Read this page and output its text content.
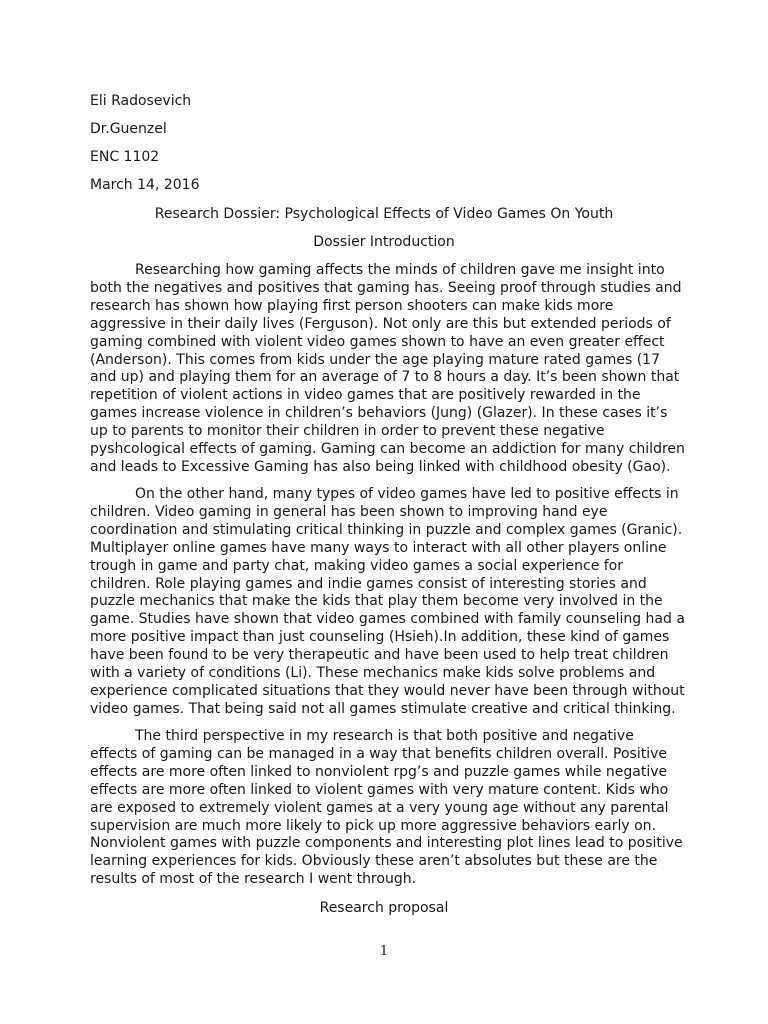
Eli Radosevich
Dr.Guenzel
ENC 1102
March 14, 2016
Research Dossier: Psychological Effects of Video Games On Youth
Dossier Introduction
Researching how gaming affects the minds of children gave me insight into
both the negatives and positives that gaming has. Seeing proof through studies and
research has shown how playing first person shooters can make kids more
aggressive in their daily lives (Ferguson). Not only are this but extended periods of
gaming combined with violent video games shown to have an even greater effect
(Anderson). This comes from kids under the age playing mature rated games (17
and up) and playing them for an average of 7 to 8 hours a day. It’s been shown that
repetition of violent actions in video games that are positively rewarded in the
games increase violence in children’s behaviors (Jung) (Glazer). In these cases it’s
up to parents to monitor their children in order to prevent these negative
pyshcological effects of gaming. Gaming can become an addiction for many children
and leads to Excessive Gaming has also being linked with childhood obesity (Gao).
On the other hand, many types of video games have led to positive effects in
children. Video gaming in general has been shown to improving hand eye
coordination and stimulating critical thinking in puzzle and complex games (Granic).
Multiplayer online games have many ways to interact with all other players online
trough in game and party chat, making video games a social experience for
children. Role playing games and indie games consist of interesting stories and
puzzle mechanics that make the kids that play them become very involved in the
game. Studies have shown that video games combined with family counseling had a
more positive impact than just counseling (Hsieh).In addition, these kind of games
have been found to be very therapeutic and have been used to help treat children
with a variety of conditions (Li). These mechanics make kids solve problems and
experience complicated situations that they would never have been through without
video games. That being said not all games stimulate creative and critical thinking.
The third perspective in my research is that both positive and negative
effects of gaming can be managed in a way that benefits children overall. Positive
effects are more often linked to nonviolent rpg’s and puzzle games while negative
effects are more often linked to violent games with very mature content. Kids who
are exposed to extremely violent games at a very young age without any parental
supervision are much more likely to pick up more aggressive behaviors early on.
Nonviolent games with puzzle components and interesting plot lines lead to positive
learning experiences for kids. Obviously these aren’t absolutes but these are the
results of most of the research I went through.
Research proposal
1
